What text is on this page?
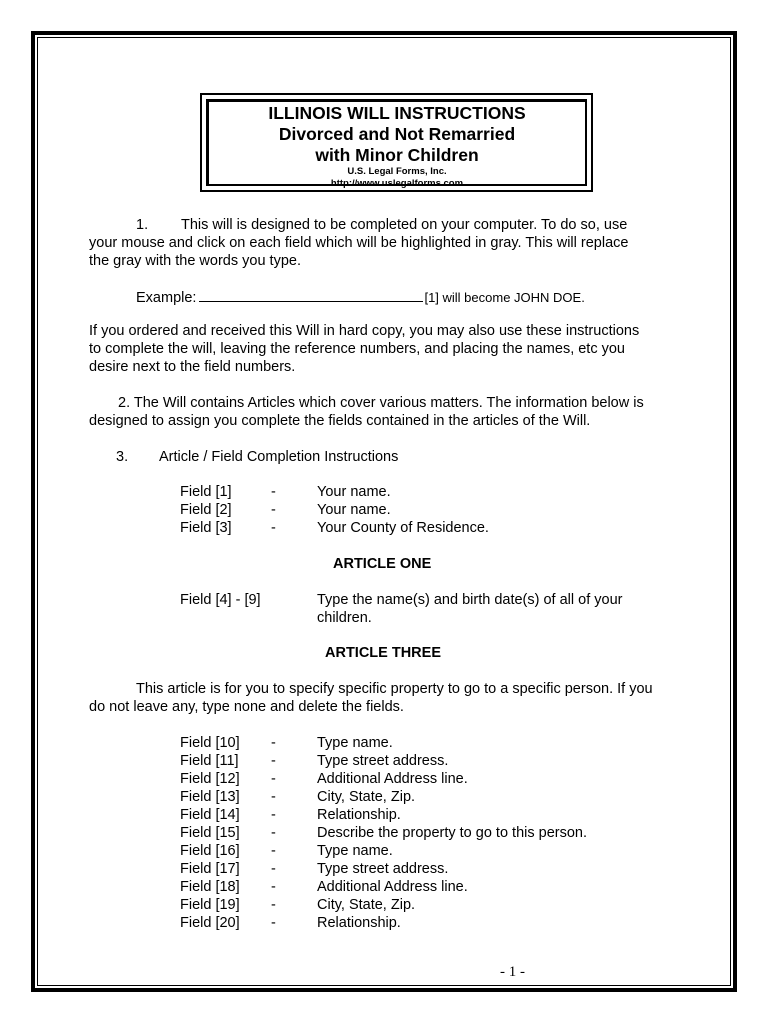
ILLINOIS WILL INSTRUCTIONS
Divorced and Not Remarried
with Minor Children
U.S. Legal Forms, Inc.
http://www.uslegalforms.com
1. This will is designed to be completed on your computer. To do so, use
your mouse and click on each field which will be highlighted in gray. This will replace
the gray with the words you type.
Example:	[1] will become JOHN DOE.
If you ordered and received this Will in hard copy, you may also use these instructions
to complete the will, leaving the reference numbers, and placing the names, etc you
desire next to the field numbers.
2. The Will contains Articles which cover various matters. The information below is
designed to assign you complete the fields contained in the articles of the Will.
3. Article / Field Completion Instructions
Field [1]	-	Your name.
Field [2]	-	Your name.
Field [3]	-	Your County of Residence.
ARTICLE ONE
Field [4] - [9]	Type the name(s) and birth date(s) of all of your
children.
ARTICLE THREE
This article is for you to specify specific property to go to a specific person. If you
do not leave any, type none and delete the fields.
Field [10] -	Type name.
Field [11] -	Type street address.
Field [12] -	Additional Address line.
Field [13] -	City, State, Zip.
Field [14] -	Relationship.
Field [15] -	Describe the property to go to this person.
Field [16] -	Type name.
Field [17] -	Type street address.
Field [18] -	Additional Address line.
Field [19] -	City, State, Zip.
Field [20] -	Relationship.
- 1 -
